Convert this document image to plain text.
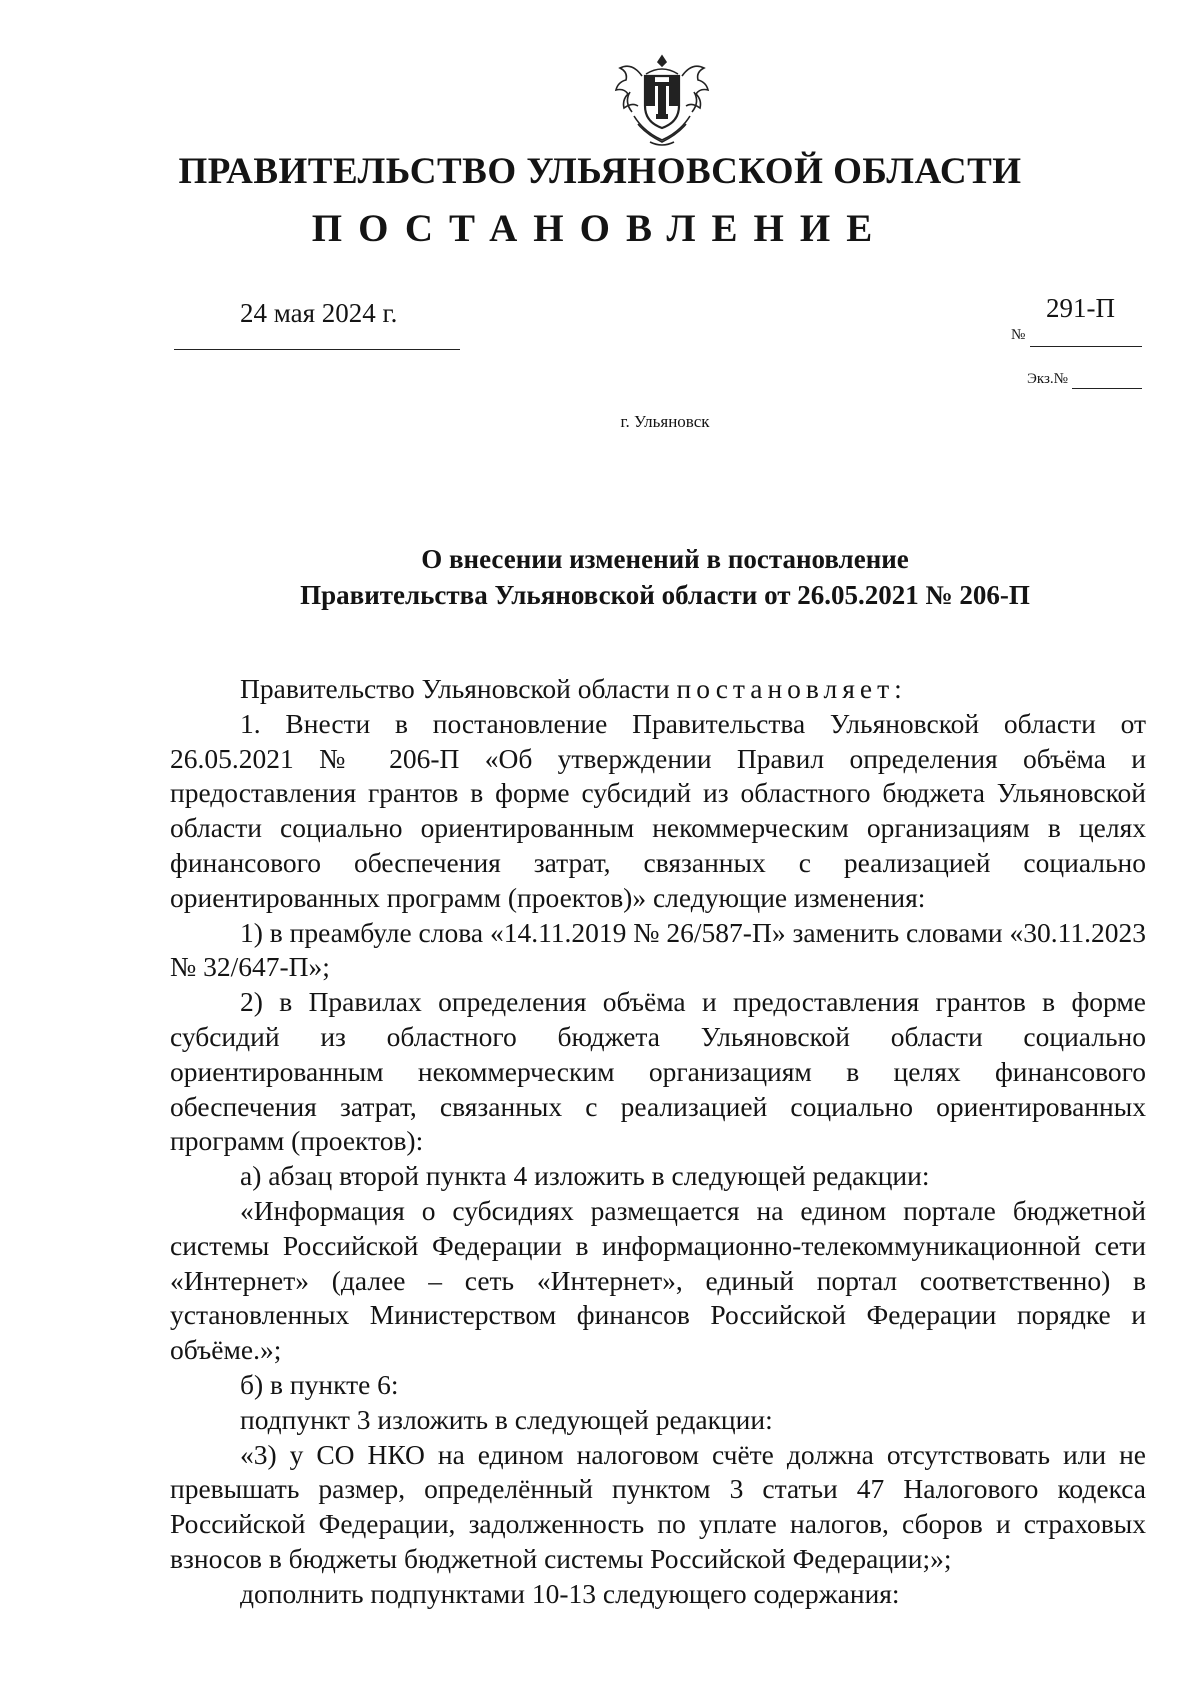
ПРАВИТЕЛЬСТВО УЛЬЯНОВСКОЙ ОБЛАСТИ
ПОСТАНОВЛЕНИЕ
24 мая 2024 г.	291-П
№
Экз.№
г. Ульяновск
О внесении изменений в постановление
Правительства Ульяновской области от 26.05.2021 № 206-П

Правительство Ульяновской области постановляет:

1. Внести в постановление Правительства Ульяновской области от 26.05.2021 № 206-П «Об утверждении Правил определения объёма и предоставления грантов в форме субсидий из областного бюджета Ульяновской области социально ориентированным некоммерческим организациям в целях финансового обеспечения затрат, связанных с реализацией социально ориентированных программ (проектов)» следующие изменения:

1) в преамбуле слова «14.11.2019 № 26/587-П» заменить словами «30.11.2023 № 32/647-П»;

2) в Правилах определения объёма и предоставления грантов в форме субсидий из областного бюджета Ульяновской области социально ориентированным некоммерческим организациям в целях финансового обеспечения затрат, связанных с реализацией социально ориентированных программ (проектов):

а) абзац второй пункта 4 изложить в следующей редакции:

«Информация о субсидиях размещается на едином портале бюджетной системы Российской Федерации в информационно-телекоммуникационной сети «Интернет» (далее – сеть «Интернет», единый портал соответственно) в установленных Министерством финансов Российской Федерации порядке и объёме.»;

б) в пункте 6:

подпункт 3 изложить в следующей редакции:

«3) у СО НКО на едином налоговом счёте должна отсутствовать или не превышать размер, определённый пунктом 3 статьи 47 Налогового кодекса Российской Федерации, задолженность по уплате налогов, сборов и страховых взносов в бюджеты бюджетной системы Российской Федерации;»;

дополнить подпунктами 10-13 следующего содержания:
